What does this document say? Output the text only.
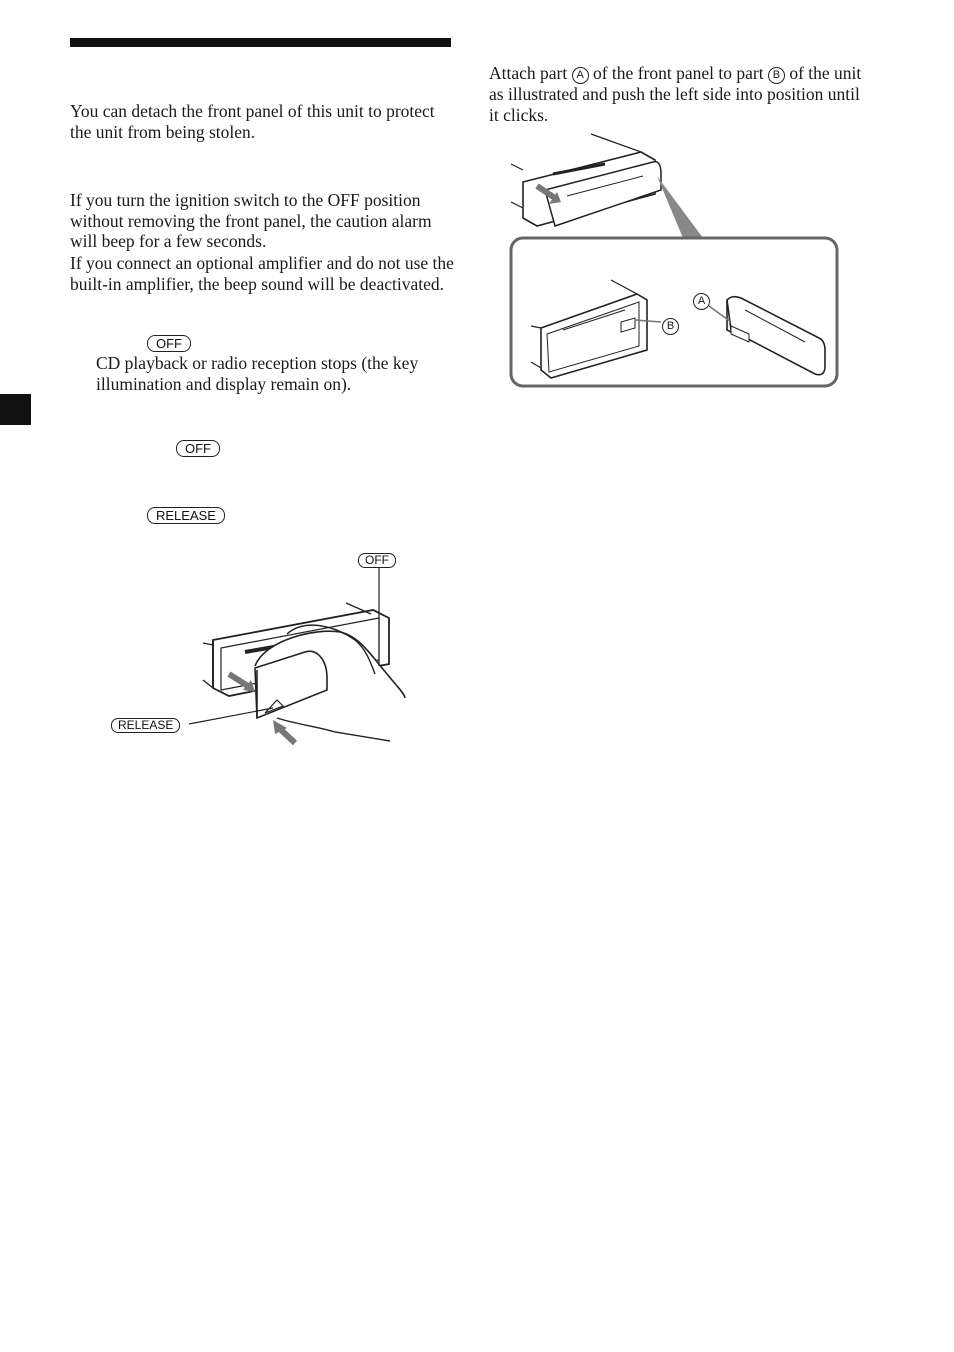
You can detach the front panel of this unit to protect the unit from being stolen.

If you turn the ignition switch to the OFF position without removing the front panel, the caution alarm will beep for a few seconds.

If you connect an optional amplifier and do not use the built-in amplifier, the beep sound will be deactivated.

OFF

CD playback or radio reception stops (the key illumination and display remain on).

OFF
RELEASE
OFF
RELEASE

Attach part A of the front panel to part B of the unit as illustrated and push the left side into position until it clicks.

B
A
